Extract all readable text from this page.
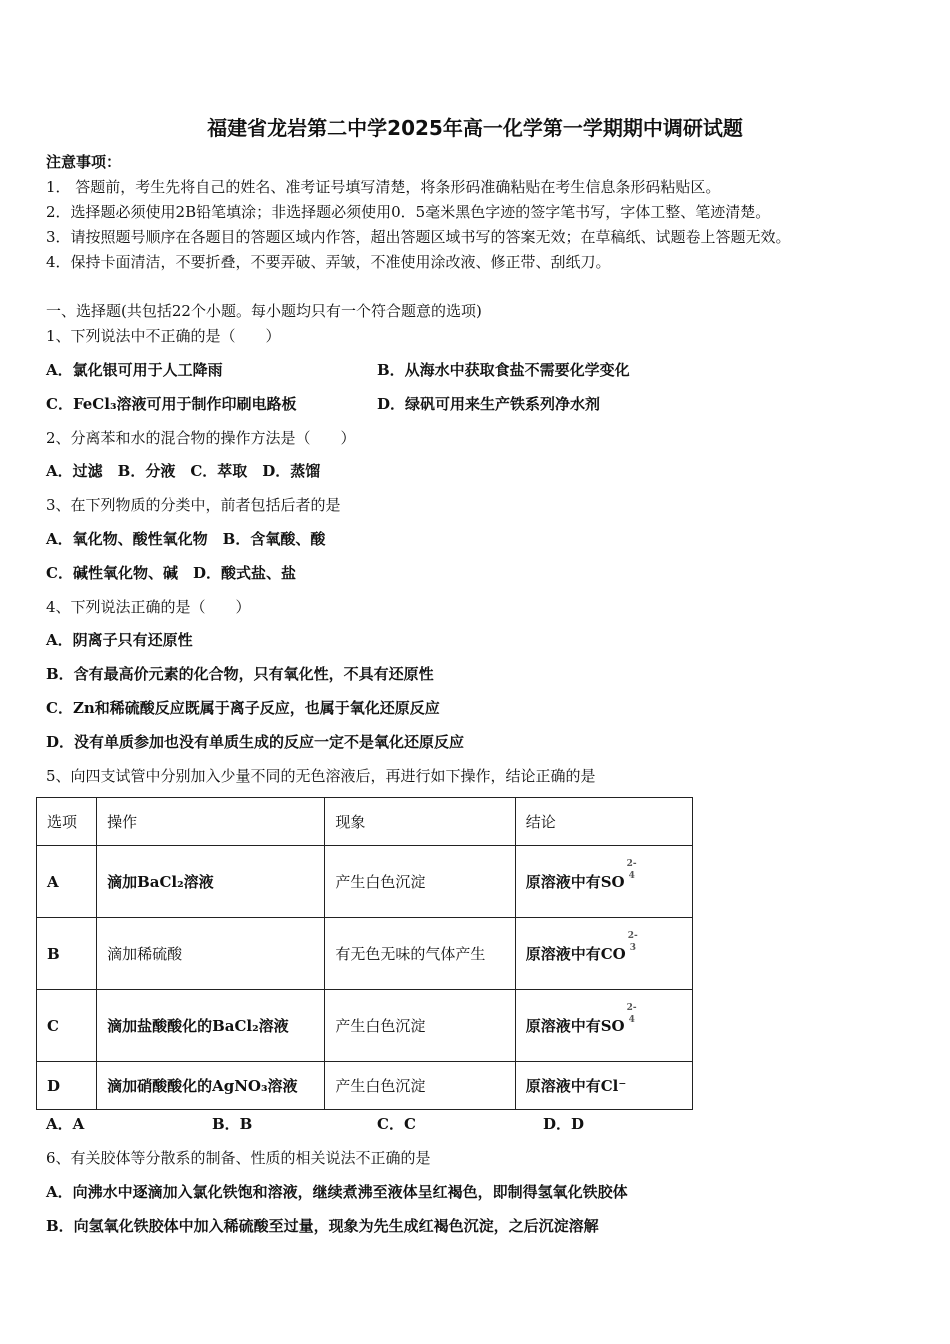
福建省龙岩第二中学2025年高一化学第一学期期中调研试题
注意事项：
1． 答题前，考生先将自己的姓名、准考证号填写清楚，将条形码准确粘贴在考生信息条形码粘贴区。
2．选择题必须使用2B铅笔填涂；非选择题必须使用0．5毫米黑色字迹的签字笔书写，字体工整、笔迹清楚。
3．请按照题号顺序在各题目的答题区域内作答，超出答题区域书写的答案无效；在草稿纸、试题卷上答题无效。
4．保持卡面清洁，不要折叠，不要弄破、弄皱，不准使用涂改液、修正带、刮纸刀。
一、选择题(共包括22个小题。每小题均只有一个符合题意的选项)
1、下列说法中不正确的是（　　）
A．氯化银可用于人工降雨	B．从海水中获取食盐不需要化学变化
C．FeCl₃溶液可用于制作印刷电路板	D．绿矾可用来生产铁系列净水剂
2、分离苯和水的混合物的操作方法是（　　）
A．过滤　B．分液　C．萃取　D．蒸馏
3、在下列物质的分类中，前者包括后者的是
A．氧化物、酸性氧化物　B．含氧酸、酸
C．碱性氧化物、碱　D．酸式盐、盐
4、下列说法正确的是（　　）
A．阴离子只有还原性
B．含有最高价元素的化合物，只有氧化性，不具有还原性
C．Zn和稀硫酸反应既属于离子反应，也属于氧化还原反应
D．没有单质参加也没有单质生成的反应一定不是氧化还原反应
5、向四支试管中分别加入少量不同的无色溶液后，再进行如下操作，结论正确的是
选项	操作	现象	结论
A	滴加BaCl₂溶液	产生白色沉淀	原溶液中有SO
2-
4

B	滴加稀硫酸	有无色无味的气体产生	原溶液中有CO
2-
3

C	滴加盐酸酸化的BaCl₂溶液	产生白色沉淀	原溶液中有SO
2-
4

D	滴加硝酸酸化的AgNO₃溶液	产生白色沉淀	原溶液中有Cl⁻
A．A	B．B	C．C	D．D
6、有关胶体等分散系的制备、性质的相关说法不正确的是
A．向沸水中逐滴加入氯化铁饱和溶液，继续煮沸至液体呈红褐色，即制得氢氧化铁胶体
B．向氢氧化铁胶体中加入稀硫酸至过量，现象为先生成红褐色沉淀，之后沉淀溶解
